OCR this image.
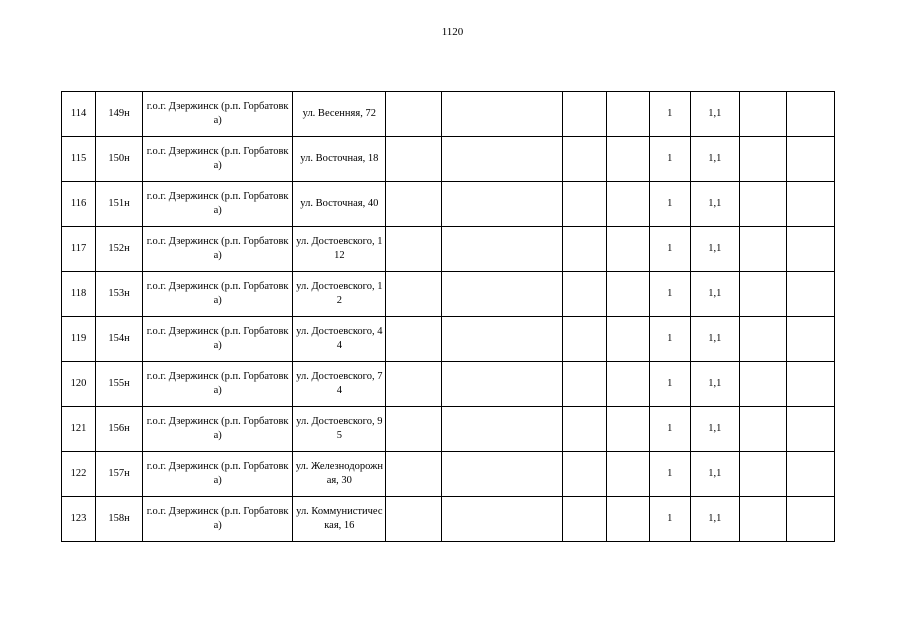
1120
114	149н	г.о.г. Дзержинск (р.п. Горбатовка)	ул. Весенняя, 72					1	1,1		
115	150н	г.о.г. Дзержинск (р.п. Горбатовка)	ул. Восточная, 18					1	1,1		
116	151н	г.о.г. Дзержинск (р.п. Горбатовка)	ул. Восточная, 40					1	1,1		
117	152н	г.о.г. Дзержинск (р.п. Горбатовка)	ул. Достоевского, 112					1	1,1		
118	153н	г.о.г. Дзержинск (р.п. Горбатовка)	ул. Достоевского, 12					1	1,1		
119	154н	г.о.г. Дзержинск (р.п. Горбатовка)	ул. Достоевского, 44					1	1,1		
120	155н	г.о.г. Дзержинск (р.п. Горбатовка)	ул. Достоевского, 74					1	1,1		
121	156н	г.о.г. Дзержинск (р.п. Горбатовка)	ул. Достоевского, 95					1	1,1		
122	157н	г.о.г. Дзержинск (р.п. Горбатовка)	ул. Железнодорожная, 30					1	1,1		
123	158н	г.о.г. Дзержинск (р.п. Горбатовка)	ул. Коммунистическая, 16					1	1,1		
